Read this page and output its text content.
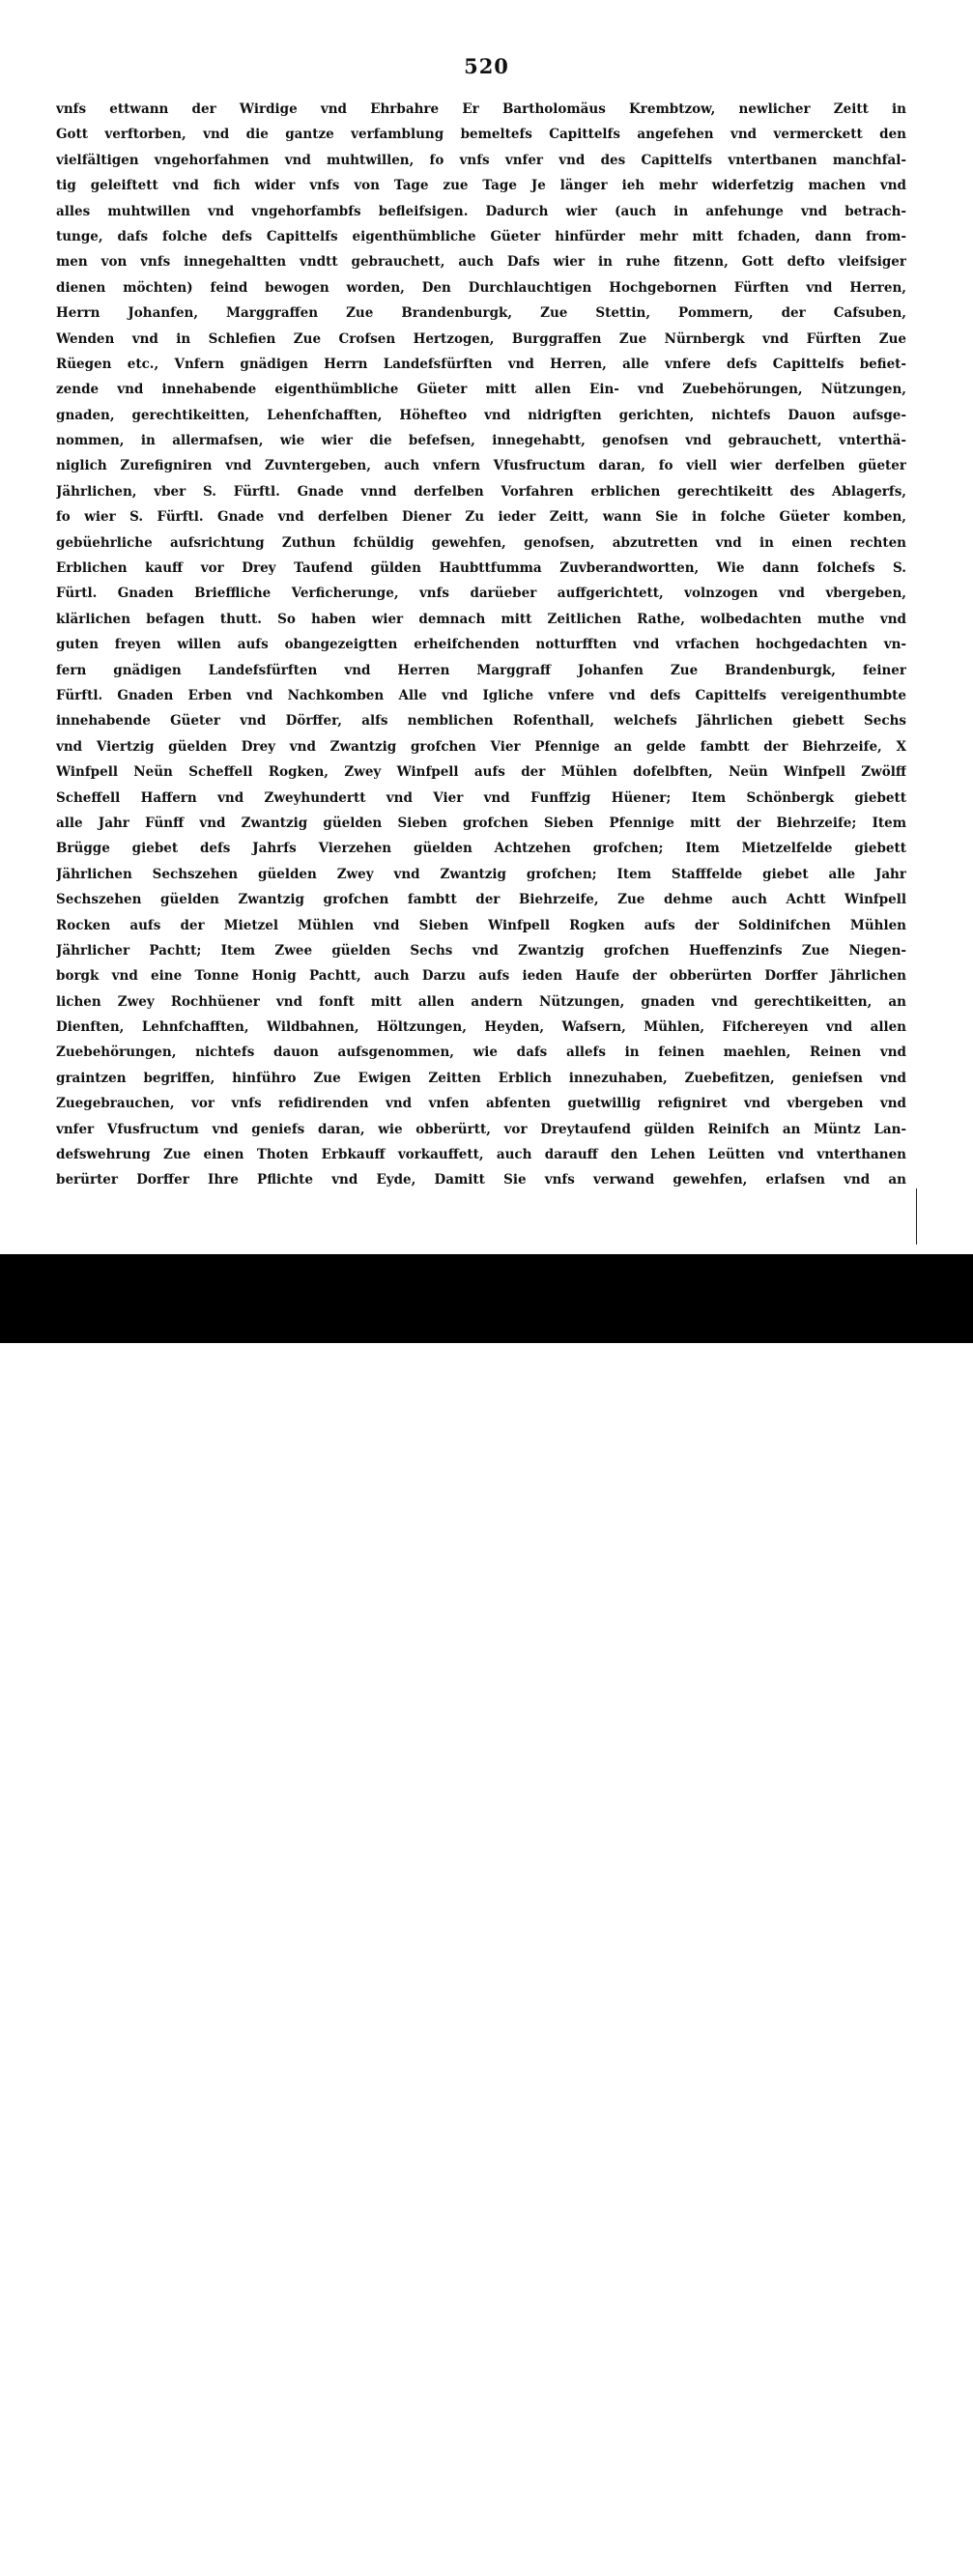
520
vnfs ettwann der Wirdige vnd Ehrbahre Er Bartholomäus Krembtzow, newlicher Zeitt in
Gott verftorben, vnd die gantze verfamblung bemeltefs Capittelfs angefehen vnd vermerckett den
vielfältigen vngehorfahmen vnd muhtwillen, fo vnfs vnfer vnd des Capittelfs vntertbanen manchfal-
tig geleiftett vnd fich wider vnfs von Tage zue Tage Je länger ieh mehr widerfetzig machen vnd
alles muhtwillen vnd vngehorfambfs befleifsigen. Dadurch wier (auch in anfehunge vnd betrach-
tunge, dafs folche defs Capittelfs eigenthümbliche Güeter hinfürder mehr mitt fchaden, dann from-
men von vnfs innegehaltten vndtt gebrauchett, auch Dafs wier in ruhe fitzenn, Gott defto vleifsiger
dienen möchten) feind bewogen worden, Den Durchlauchtigen Hochgebornen Fürften vnd Herren,
Herrn Johanfen, Marggraffen Zue Brandenburgk, Zue Stettin, Pommern, der Cafsuben,
Wenden vnd in Schlefien Zue Crofsen Hertzogen, Burggraffen Zue Nürnbergk vnd Fürften Zue
Rüegen etc., Vnfern gnädigen Herrn Landefsfürften vnd Herren, alle vnfere defs Capittelfs befiet-
zende vnd innehabende eigenthümbliche Güeter mitt allen Ein- vnd Zuebehörungen, Nützungen,
gnaden, gerechtikeitten, Lehenfchafften, Höhefteo vnd nidrigften gerichten, nichtefs Dauon aufsge-
nommen, in allermafsen, wie wier die befefsen, innegehabtt, genofsen vnd gebrauchett, vnterthä-
niglich Zurefigniren vnd Zuvntergeben, auch vnfern Vfusfructum daran, fo viell wier derfelben güeter
Jährlichen, vber S. Fürftl. Gnade vnnd derfelben Vorfahren erblichen gerechtikeitt des Ablagerfs,
fo wier S. Fürftl. Gnade vnd derfelben Diener Zu ieder Zeitt, wann Sie in folche Güeter komben,
gebüehrliche aufsrichtung Zuthun fchüldig gewehfen, genofsen, abzutretten vnd in einen rechten
Erblichen kauff vor Drey Taufend gülden Haubttfumma Zuvberandwortten, Wie dann folchefs S.
Fürtl. Gnaden Brieffliche Verficherunge, vnfs darüeber auffgerichtett, volnzogen vnd vbergeben,
klärlichen befagen thutt. So haben wier demnach mitt Zeitlichen Rathe, wolbedachten muthe vnd
guten freyen willen aufs obangezeigtten erheifchenden notturfften vnd vrfachen hochgedachten vn-
fern gnädigen Landefsfürften vnd Herren Marggraff Johanfen Zue Brandenburgk, feiner
Fürftl. Gnaden Erben vnd Nachkomben Alle vnd Igliche vnfere vnd defs Capittelfs vereigenthumbte
innehabende Güeter vnd Dörffer, alfs nemblichen Rofenthall, welchefs Jährlichen giebett Sechs
vnd Viertzig güelden Drey vnd Zwantzig grofchen Vier Pfennige an gelde fambtt der Biehrzeife, X
Winfpell Neün Scheffell Rogken, Zwey Winfpell aufs der Mühlen dofelbften, Neün Winfpell Zwölff
Scheffell Haffern vnd Zweyhundertt vnd Vier vnd Funffzig Hüener; Item Schönbergk giebett
alle Jahr Fünff vnd Zwantzig güelden Sieben grofchen Sieben Pfennige mitt der Biehrzeife; Item
Brügge giebet defs Jahrfs Vierzehen güelden Achtzehen grofchen; Item Mietzelfelde giebett
Jährlichen Sechszehen güelden Zwey vnd Zwantzig grofchen; Item Stafffelde giebet alle Jahr
Sechszehen güelden Zwantzig grofchen fambtt der Biehrzeife, Zue dehme auch Achtt Winfpell
Rocken aufs der Mietzel Mühlen vnd Sieben Winfpell Rogken aufs der Soldinifchen Mühlen
Jährlicher Pachtt; Item Zwee güelden Sechs vnd Zwantzig grofchen Hueffenzinfs Zue Niegen-
borgk vnd eine Tonne Honig Pachtt, auch Darzu aufs ieden Haufe der obberürten Dorffer Jährlichen
lichen Zwey Rochhüener vnd fonft mitt allen andern Nützungen, gnaden vnd gerechtikeitten, an
Dienften, Lehnfchafften, Wildbahnen, Höltzungen, Heyden, Wafsern, Mühlen, Fifchereyen vnd allen
Zuebehörungen, nichtefs dauon aufsgenommen, wie dafs allefs in feinen maehlen, Reinen vnd
graintzen begriffen, hinführo Zue Ewigen Zeitten Erblich innezuhaben, Zuebefitzen, geniefsen vnd
Zuegebrauchen, vor vnfs refidirenden vnd vnfen abfenten guetwillig refigniret vnd vbergeben vnd
vnfer Vfusfructum vnd geniefs daran, wie obberürtt, vor Dreytaufend gülden Reinifch an Müntz Lan-
defswehrung Zue einen Thoten Erbkauff vorkauffett, auch darauff den Lehen Leütten vnd vnterthanen
berürter Dorffer Ihre Pflichte vnd Eyde, Damitt Sie vnfs verwand gewehfen, erlafsen vnd an
alamy	J381GD
www.alamy.com
